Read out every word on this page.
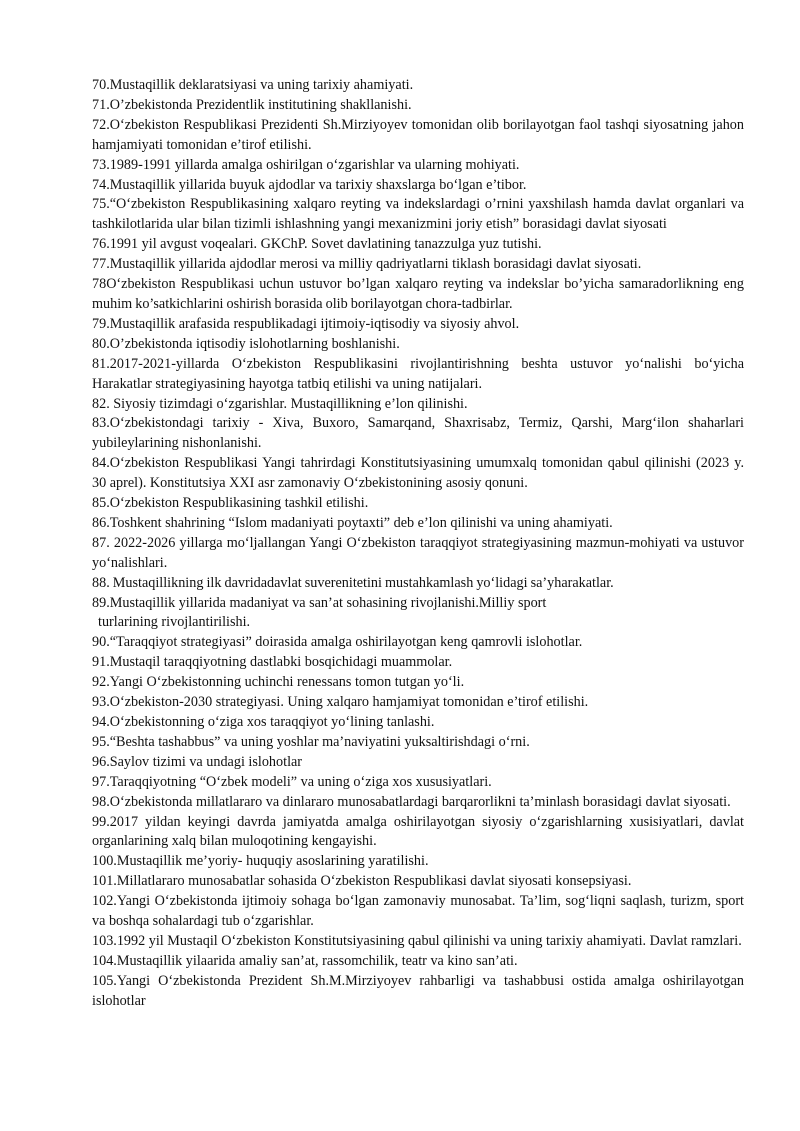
70.Mustaqillik deklaratsiyasi va uning tarixiy ahamiyati.
71.O’zbekistonda Prezidentlik institutining shakllanishi.
72.O‘zbekiston Respublikasi Prezidenti Sh.Mirziyoyev tomonidan olib borilayotgan faol tashqi siyosatning jahon hamjamiyati tomonidan e’tirof etilishi.
73.1989-1991 yillarda amalga oshirilgan o‘zgarishlar va ularning mohiyati.
74.Mustaqillik yillarida buyuk ajdodlar va tarixiy shaxslarga bo‘lgan e’tibor.
75.“O‘zbekiston Respublikasining xalqaro reyting va indekslardagi o’rnini yaxshilash hamda davlat organlari va tashkilotlarida ular bilan tizimli ishlashning yangi mexanizmini joriy etish” borasidagi davlat siyosati
76.1991 yil avgust voqealari. GKChP. Sovet davlatining tanazzulga yuz tutishi.
77.Mustaqillik yillarida ajdodlar merosi va milliy qadriyatlarni tiklash borasidagi davlat siyosati.
78O‘zbekiston Respublikasi uchun ustuvor bo’lgan xalqaro reyting va indekslar bo’yicha samaradorlikning eng muhim ko’satkichlarini oshirish borasida olib borilayotgan chora-tadbirlar.
79.Mustaqillik arafasida respublikadagi ijtimoiy-iqtisodiy va siyosiy ahvol.
80.O’zbekistonda iqtisodiy islohotlarning boshlanishi.
81.2017-2021-yillarda O‘zbekiston Respublikasini rivojlantirishning beshta ustuvor yo‘nalishi bo‘yicha Harakatlar strategiyasining hayotga tatbiq etilishi va uning natijalari.
82. Siyosiy tizimdagi o‘zgarishlar. Mustaqillikning e’lon qilinishi.
83.O‘zbekistondagi tarixiy - Xiva, Buxoro, Samarqand, Shaxrisabz, Termiz, Qarshi, Marg‘ilon shaharlari yubileylarining nishonlanishi.
84.O‘zbekiston Respublikasi Yangi tahrirdagi Konstitutsiyasining umumxalq tomonidan qabul qilinishi (2023 y. 30 aprel). Konstitutsiya XXI asr zamonaviy O‘zbekistonining asosiy qonuni.
85.O‘zbekiston Respublikasining tashkil etilishi.
86.Toshkent shahrining “Islom madaniyati poytaxti” deb e’lon qilinishi va uning ahamiyati.
87. 2022-2026 yillarga mo‘ljallangan Yangi O‘zbekiston taraqqiyot strategiyasining mazmun-mohiyati va ustuvor yo‘nalishlari.
88. Mustaqillikning ilk davridadavlat suverenitetini mustahkamlash yo‘lidagi sa’yharakatlar.
89.Mustaqillik yillarida madaniyat va san’at sohasining rivojlanishi.Milliy sport
turlarining rivojlantirilishi.
90.“Taraqqiyot strategiyasi” doirasida amalga oshirilayotgan keng qamrovli islohotlar.
91.Mustaqil taraqqiyotning dastlabki bosqichidagi muammolar.
92.Yangi O‘zbekistonning uchinchi renessans tomon tutgan yo‘li.
93.O‘zbekiston-2030 strategiyasi. Uning xalqaro hamjamiyat tomonidan e’tirof etilishi.
94.O‘zbekistonning o‘ziga xos taraqqiyot yo‘lining tanlashi.
95.“Beshta tashabbus” va uning yoshlar ma’naviyatini yuksaltirishdagi o‘rni.
96.Saylov tizimi va undagi islohotlar
97.Taraqqiyotning “O‘zbek modeli” va uning o‘ziga xos xususiyatlari.
98.O‘zbekistonda millatlararo va dinlararo munosabatlardagi barqarorlikni ta’minlash borasidagi davlat siyosati.
99.2017 yildan keyingi davrda jamiyatda amalga oshirilayotgan siyosiy o‘zgarishlarning xusisiyatlari, davlat organlarining xalq bilan muloqotining kengayishi.
100.Mustaqillik me’yoriy- huquqiy asoslarining yaratilishi.
101.Millatlararo munosabatlar sohasida O‘zbekiston Respublikasi davlat siyosati konsepsiyasi.
102.Yangi O‘zbekistonda ijtimoiy sohaga bo‘lgan zamonaviy munosabat. Ta’lim, sog‘liqni saqlash, turizm, sport va boshqa sohalardagi tub o‘zgarishlar.
103.1992 yil Mustaqil O‘zbekiston Konstitutsiyasining qabul qilinishi va uning tarixiy ahamiyati. Davlat ramzlari.
104.Mustaqillik yilaarida amaliy san’at, rassomchilik, teatr va kino san’ati.
105.Yangi O‘zbekistonda Prezident Sh.M.Mirziyoyev rahbarligi va tashabbusi ostida amalga oshirilayotgan islohotlar
